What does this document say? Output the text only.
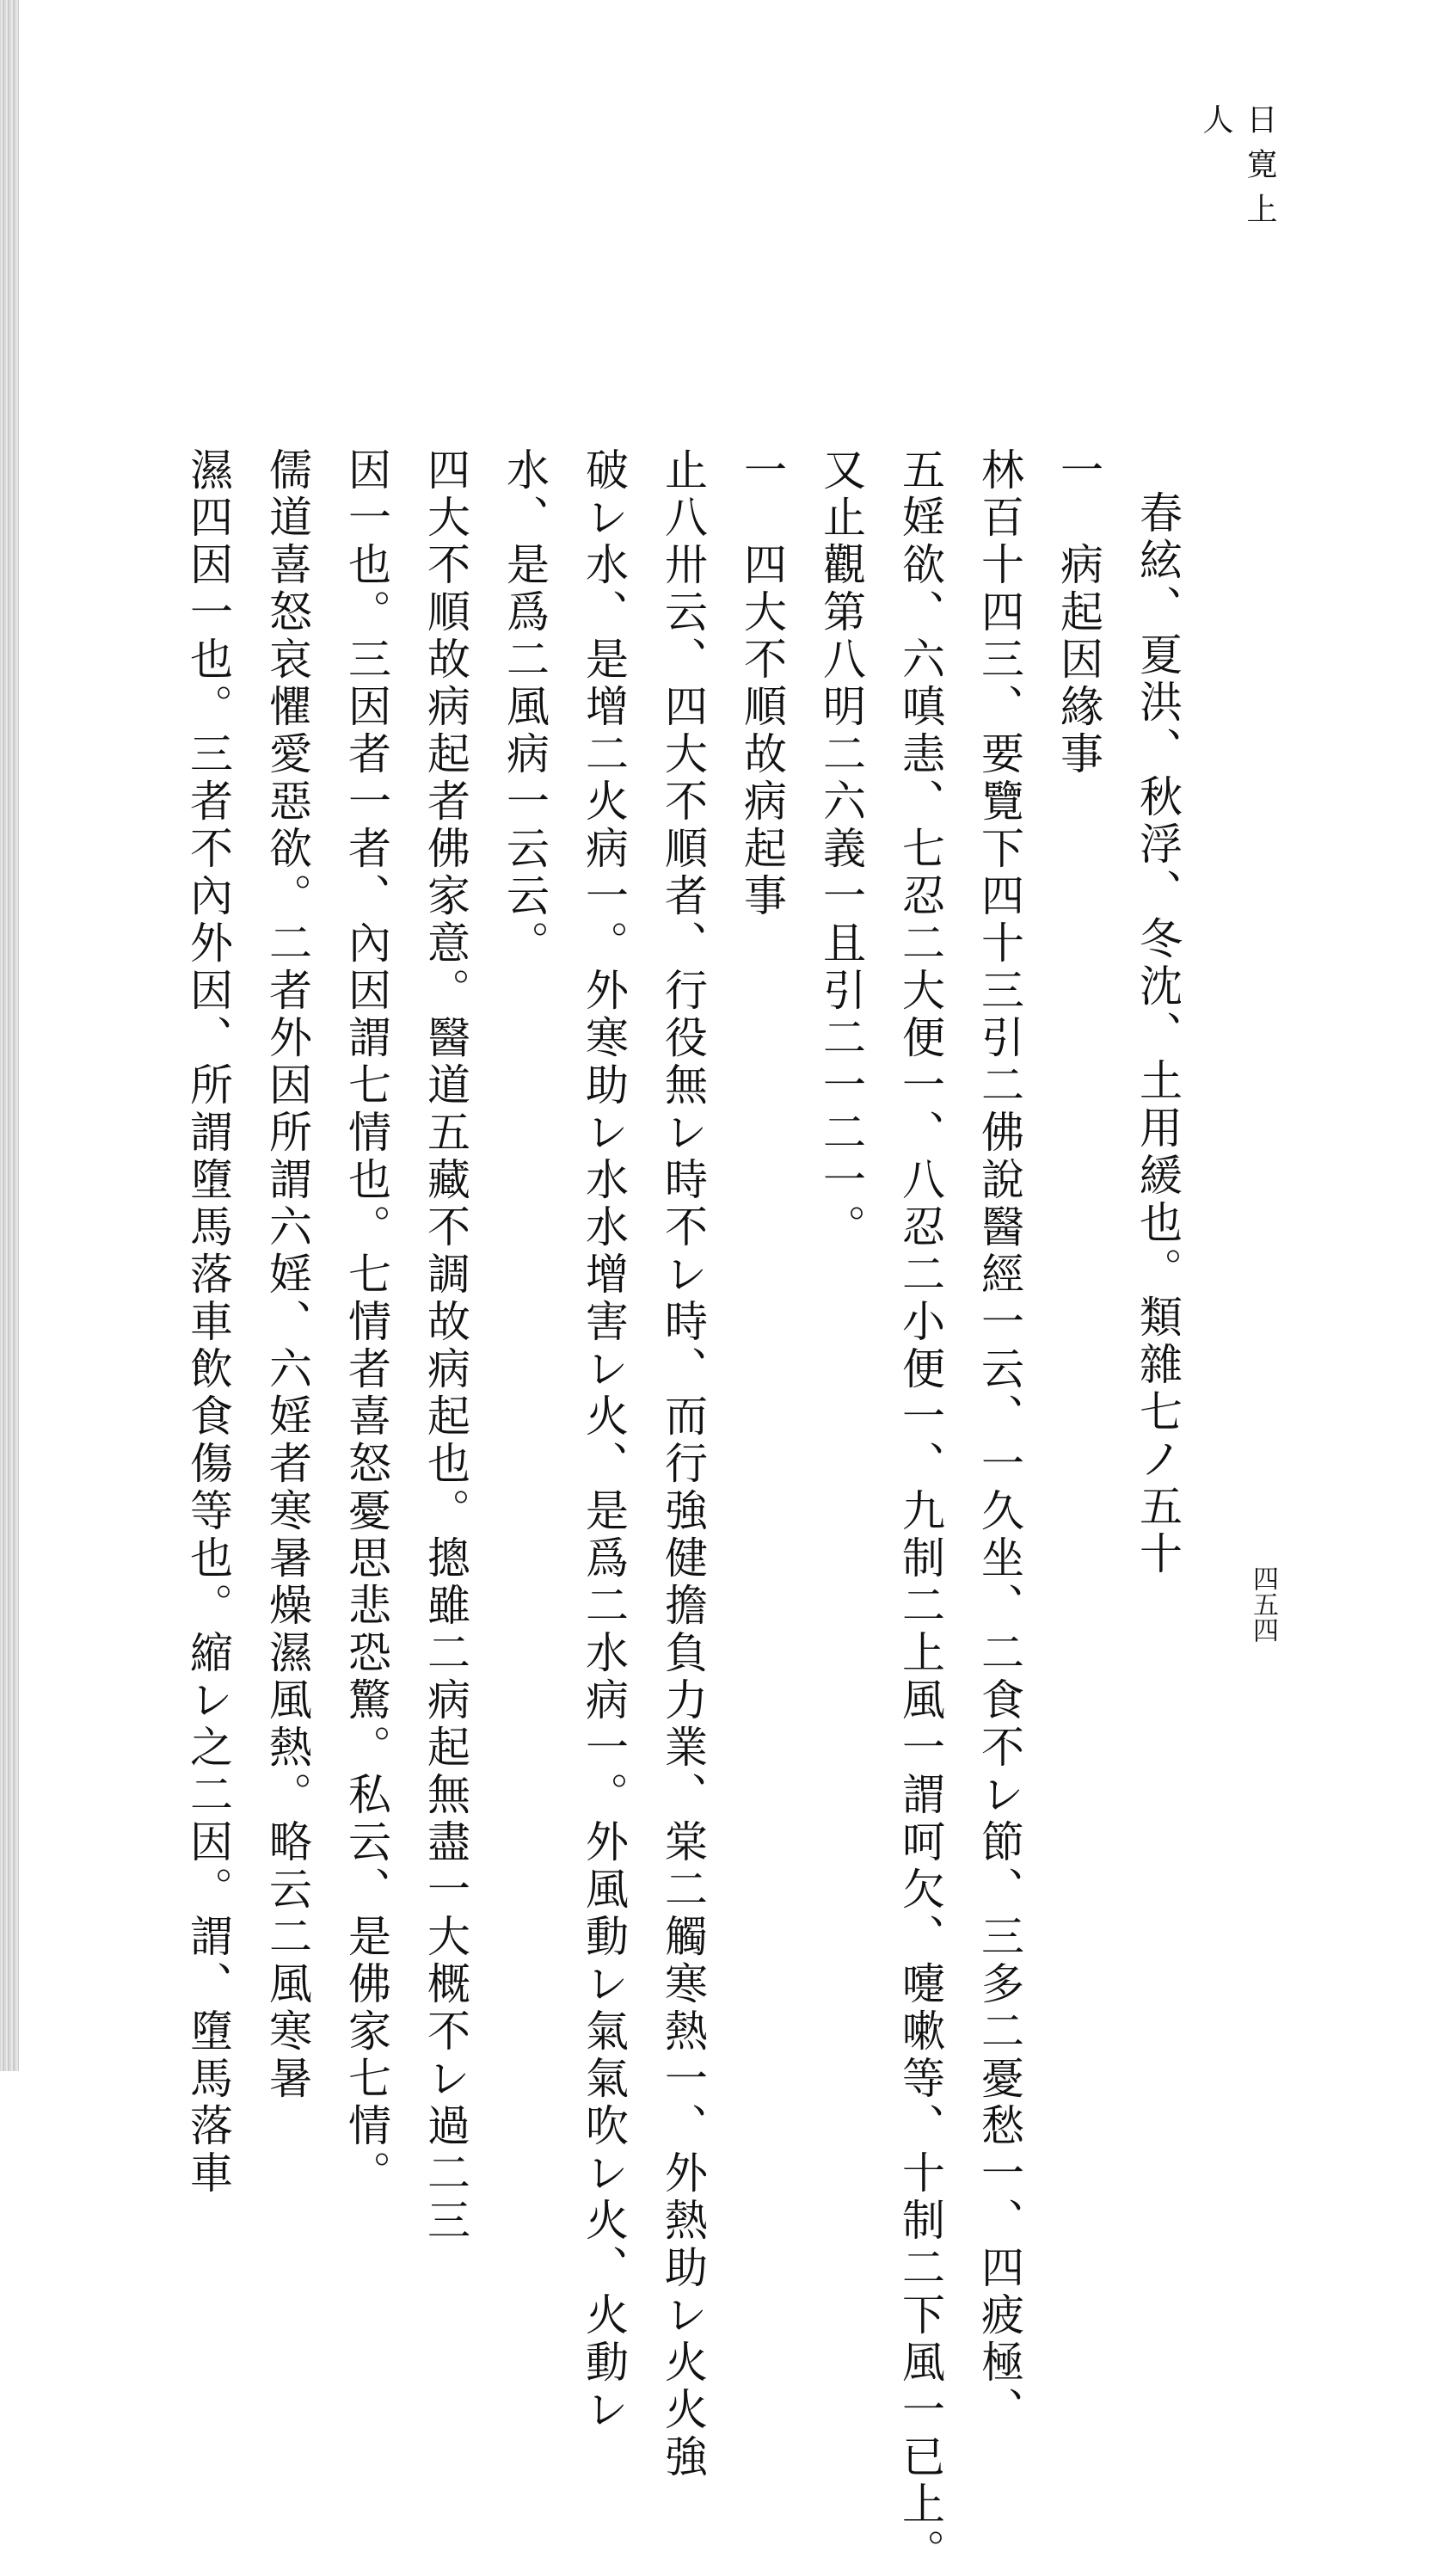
日寛上人
四五四
春絃、夏洪、秋浮、冬沈、土用緩也。類雜七ノ五十
一　病起因緣事
林百十四三、要覽下四十三引二佛說醫經一云、一久坐、二食不レ節、三多二憂愁一、四疲極、
五婬欲、六嗔恚、七忍二大便一、八忍二小便一、九制二上風一謂呵欠、嚏嗽等、十制二下風一已上。
又止觀第八明二六義一且引二一二一。
一　四大不順故病起事
止八卅云、四大不順者、行役無レ時不レ時、而行強健擔負力業、棠二觸寒熱一、外熱助レ火火強
破レ水、是增二火病一。外寒助レ水水增害レ火、是爲二水病一。外風動レ氣氣吹レ火、火動レ
水、是爲二風病一云云。
四大不順故病起者佛家意。醫道五藏不調故病起也。摠雖二病起無盡一大概不レ過二三
因一也。三因者一者、內因謂七情也。七情者喜怒憂思悲恐驚。私云、是佛家七情。
儒道喜怒哀懼愛惡欲。二者外因所謂六婬、六婬者寒暑燥濕風熱。略云二風寒暑
濕四因一也。三者不內外因、所謂墮馬落車飲食傷等也。縮レ之二因。謂、墮馬落車
